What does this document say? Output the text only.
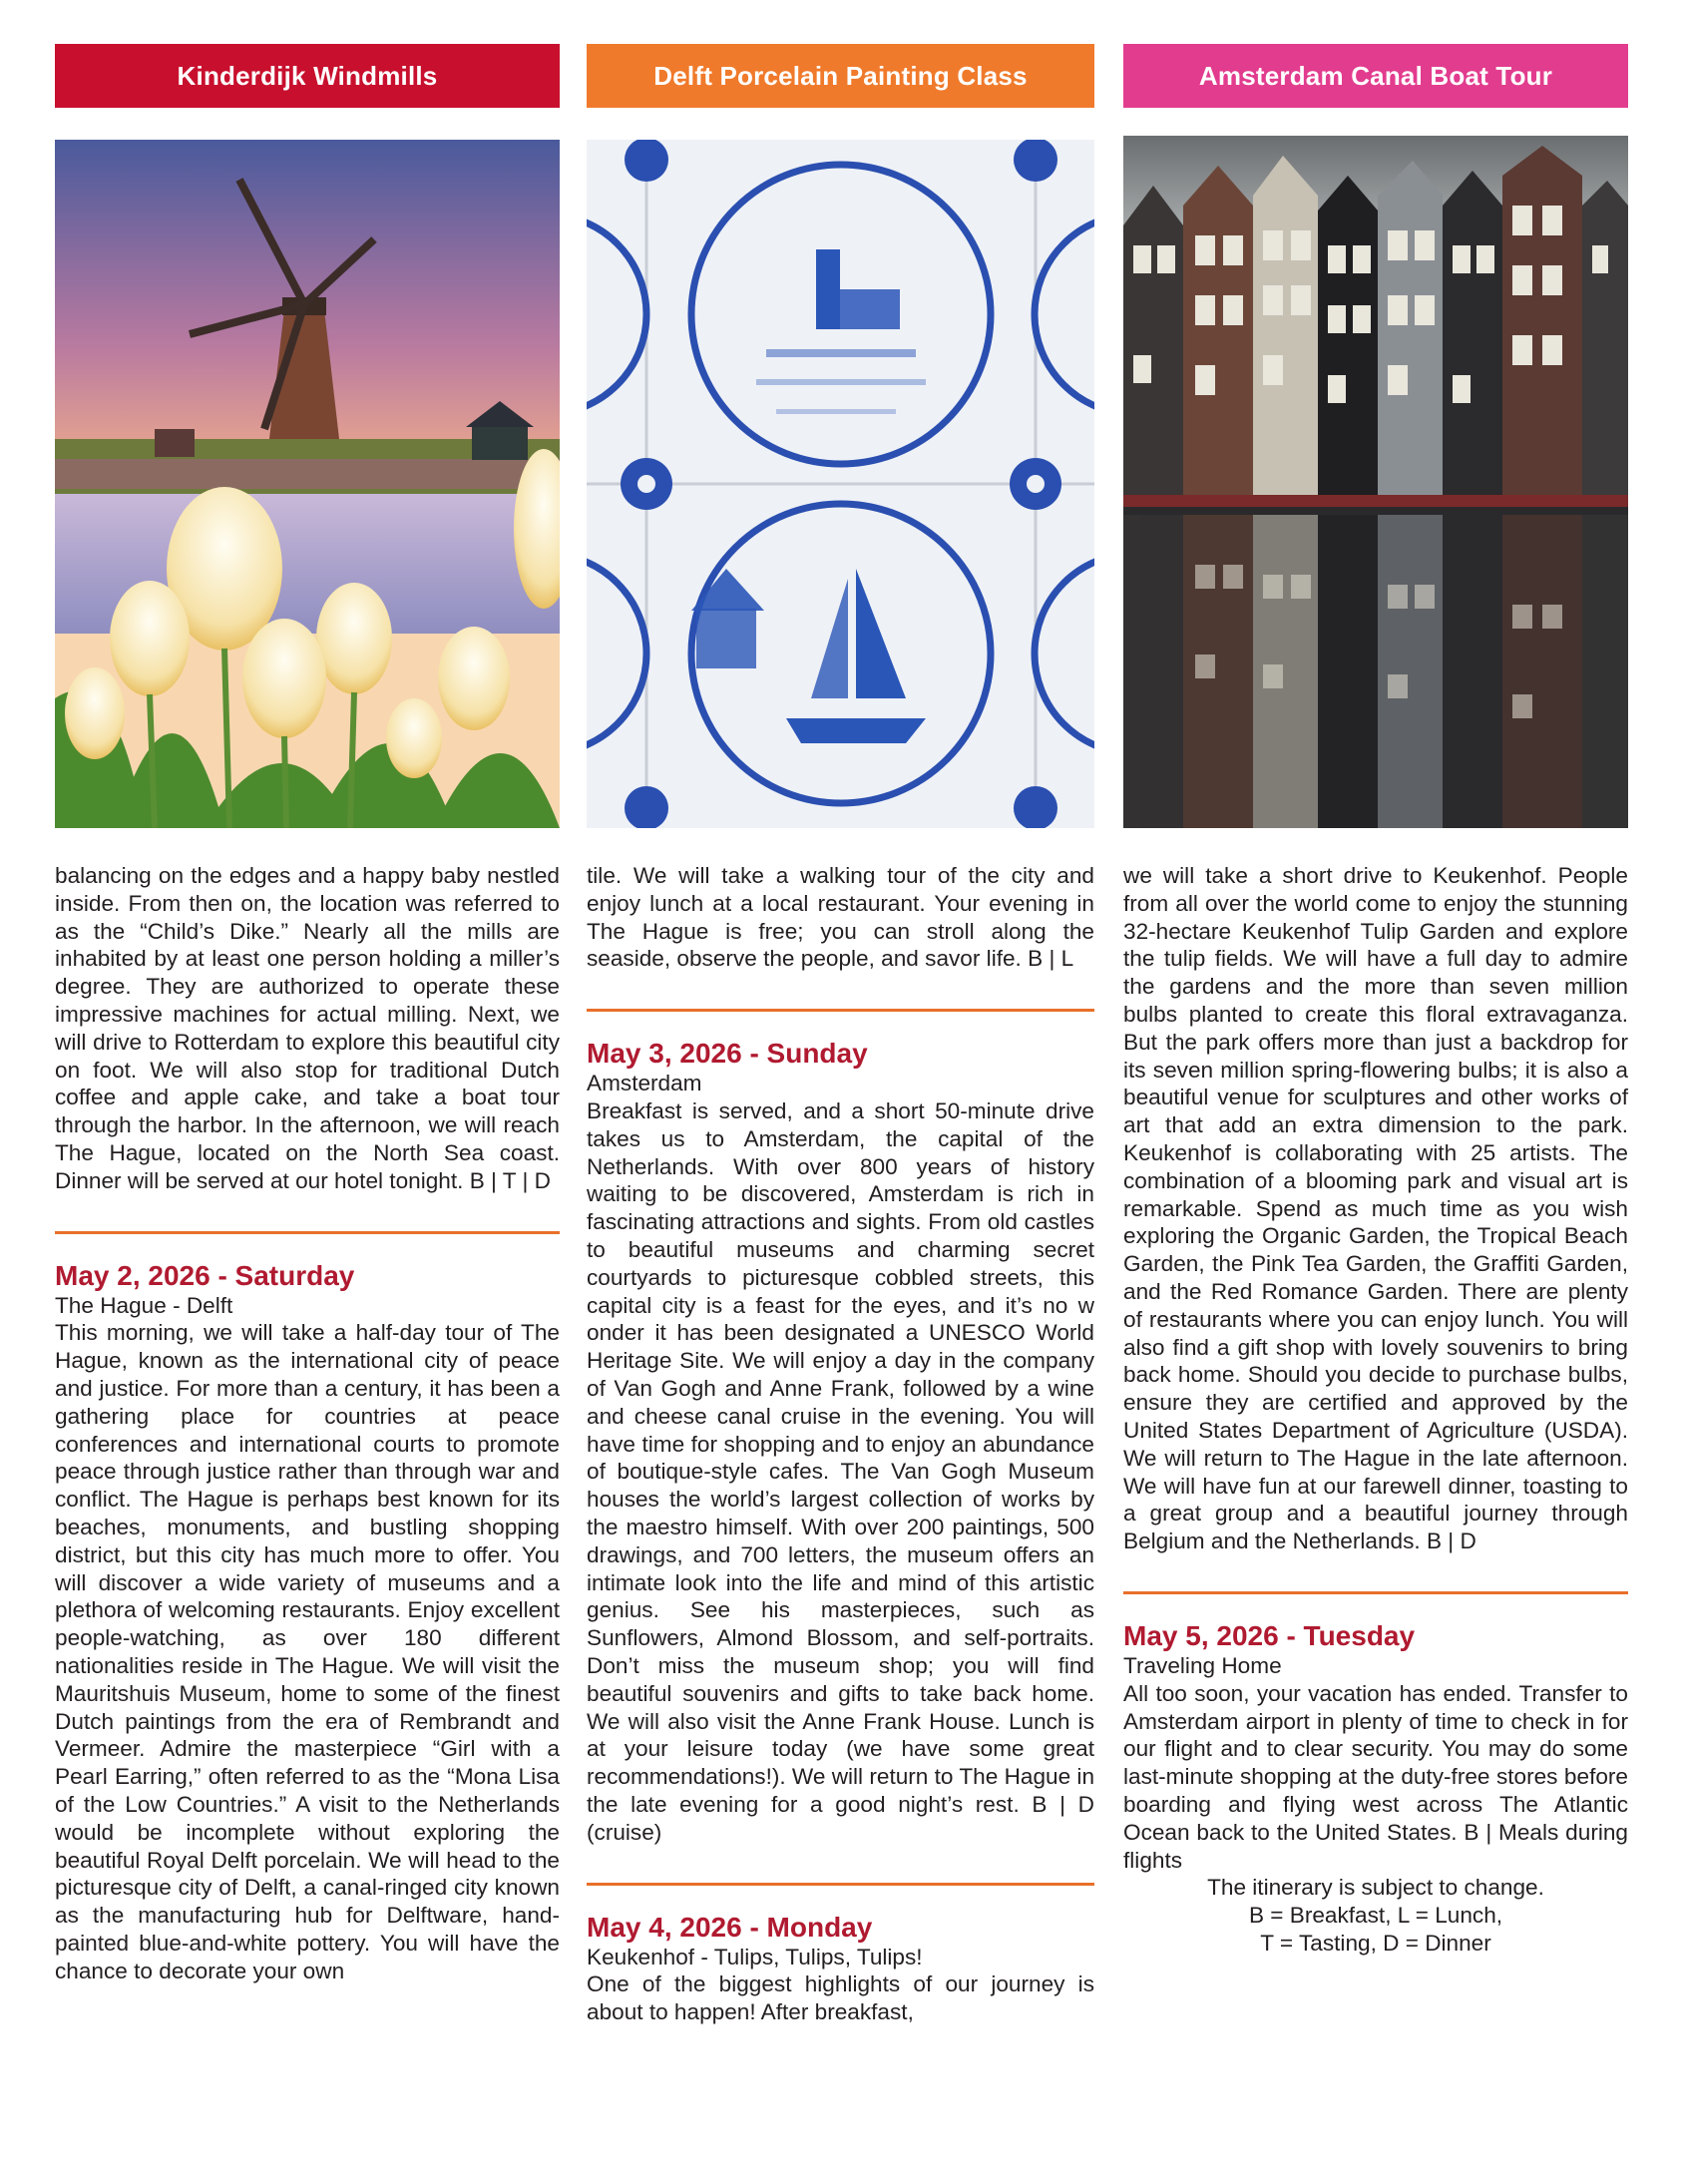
Kinderdijk Windmills

balancing on the edges and a happy baby nestled inside. From then on, the location was referred to as the “Child’s Dike.” Nearly all the mills are inhabited by at least one person holding a miller’s degree. They are authorized to operate these impressive machines for actual milling. Next, we will drive to Rotterdam to explore this beautiful city on foot. We will also stop for traditional Dutch coffee and apple cake, and take a boat tour through the harbor. In the afternoon, we will reach The Hague, located on the North Sea coast. Dinner will be served at our hotel tonight. B | T | D

May 2, 2026 - Saturday

The Hague - Delft

This morning, we will take a half-day tour of The Hague, known as the international city of peace and justice. For more than a century, it has been a gathering place for countries at peace conferences and international courts to promote peace through justice rather than through war and conflict. The Hague is perhaps best known for its beaches, monuments, and bustling shopping district, but this city has much more to offer. You will discover a wide variety of museums and a plethora of welcoming restaurants. Enjoy excellent people-watching, as over 180 different nationalities reside in The Hague. We will visit the Mauritshuis Museum, home to some of the finest Dutch paintings from the era of Rembrandt and Vermeer. Admire the masterpiece “Girl with a Pearl Earring,” often referred to as the “Mona Lisa of the Low Countries.” A visit to the Netherlands would be incomplete without exploring the beautiful Royal Delft porcelain. We will head to the picturesque city of Delft, a canal-ringed city known as the manufacturing hub for Delftware, hand-painted blue-and-white pottery. You will have the chance to decorate your own

Delft Porcelain Painting Class

tile. We will take a walking tour of the city and enjoy lunch at a local restaurant. Your evening in The Hague is free; you can stroll along the seaside, observe the people, and savor life. B | L

May 3, 2026 - Sunday

Amsterdam

Breakfast is served, and a short 50-minute drive takes us to Amsterdam, the capital of the Netherlands. With over 800 years of history waiting to be discovered, Amsterdam is rich in fascinating attractions and sights. From old castles to beautiful museums and charming secret courtyards to picturesque cobbled streets, this capital city is a feast for the eyes, and it’s no w onder it has been designated a UNESCO World Heritage Site. We will enjoy a day in the company of Van Gogh and Anne Frank, followed by a wine and cheese canal cruise in the evening. You will have time for shopping and to enjoy an abundance of boutique-style cafes. The Van Gogh Museum houses the world’s largest collection of works by the maestro himself. With over 200 paintings, 500 drawings, and 700 letters, the museum offers an intimate look into the life and mind of this artistic genius. See his masterpieces, such as Sunflowers, Almond Blossom, and self-portraits. Don’t miss the museum shop; you will find beautiful souvenirs and gifts to take back home. We will also visit the Anne Frank House. Lunch is at your leisure today (we have some great recommendations!). We will return to The Hague in the late evening for a good night’s rest. B | D (cruise)

May 4, 2026 - Monday

Keukenhof - Tulips, Tulips, Tulips!

One of the biggest highlights of our journey is about to happen! After breakfast,

Amsterdam Canal Boat Tour

we will take a short drive to Keukenhof. People from all over the world come to enjoy the stunning 32-hectare Keukenhof Tulip Garden and explore the tulip fields. We will have a full day to admire the gardens and the more than seven million bulbs planted to create this floral extravaganza. But the park offers more than just a backdrop for its seven million spring-flowering bulbs; it is also a beautiful venue for sculptures and other works of art that add an extra dimension to the park. Keukenhof is collaborating with 25 artists. The combination of a blooming park and visual art is remarkable. Spend as much time as you wish exploring the Organic Garden, the Tropical Beach Garden, the Pink Tea Garden, the Graffiti Garden, and the Red Romance Garden. There are plenty of restaurants where you can enjoy lunch. You will also find a gift shop with lovely souvenirs to bring back home. Should you decide to purchase bulbs, ensure they are certified and approved by the United States Department of Agriculture (USDA). We will return to The Hague in the late afternoon. We will have fun at our farewell dinner, toasting to a great group and a beautiful journey through Belgium and the Netherlands. B | D

May 5, 2026 - Tuesday

Traveling Home

All too soon, your vacation has ended. Transfer to Amsterdam airport in plenty of time to check in for our flight and to clear security. You may do some last-minute shopping at the duty-free stores before boarding and flying west across The Atlantic Ocean back to the United States. B | Meals during flights

The itinerary is subject to change.

B = Breakfast, L = Lunch,

T = Tasting, D = Dinner
